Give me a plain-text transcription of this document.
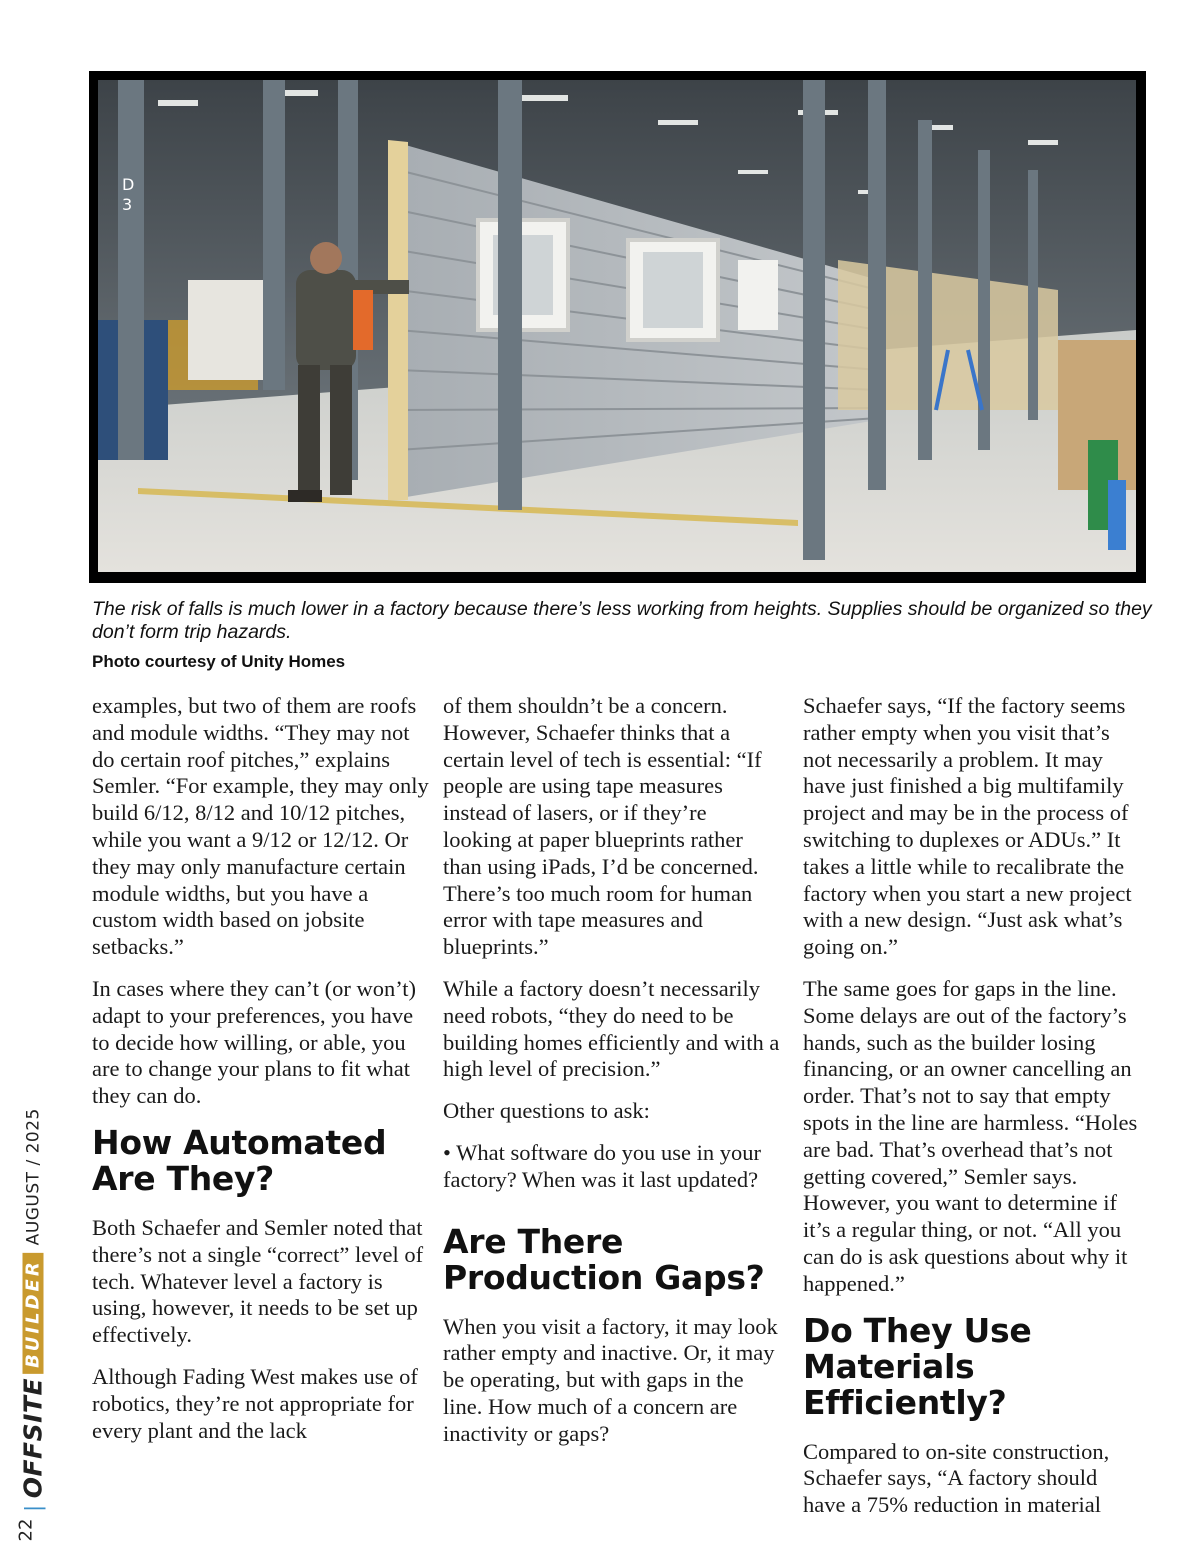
D
3
The risk of falls is much lower in a factory because there’s less working from heights. Supplies should be organized so they don’t form trip hazards.
Photo courtesy of Unity Homes

examples, but two of them are roofs and module widths. “They may not do certain roof pitches,” explains Semler. “For example, they may only build 6/12, 8/12 and 10/12 pitches, while you want a 9/12 or 12/12. Or they may only manufacture certain module widths, but you have a custom width based on jobsite setbacks.”

In cases where they can’t (or won’t) adapt to your preferences, you have to decide how willing, or able, you are to change your plans to fit what they can do.

How Automated Are They?

Both Schaefer and Semler noted that there’s not a single “correct” level of tech. Whatever level a factory is using, however, it needs to be set up effectively.

Although Fading West makes use of robotics, they’re not appropriate for every plant and the lack

of them shouldn’t be a concern. However, Schaefer thinks that a certain level of tech is essential: “If people are using tape measures instead of lasers, or if they’re looking at paper blueprints rather than using iPads, I’d be concerned. There’s too much room for human error with tape measures and blueprints.”

While a factory doesn’t necessarily need robots, “they do need to be building homes efficiently and with a high level of precision.”

Other questions to ask:

• What software do you use in your factory? When was it last updated?

Are There Production Gaps?

When you visit a factory, it may look rather empty and inactive. Or, it may be operating, but with gaps in the line. How much of a concern are inactivity or gaps?

Schaefer says, “If the factory seems rather empty when you visit that’s not necessarily a problem. It may have just finished a big multifamily project and may be in the process of switching to duplexes or ADUs.” It takes a little while to recalibrate the factory when you start a new project with a new design. “Just ask what’s going on.”

The same goes for gaps in the line. Some delays are out of the factory’s hands, such as the builder losing financing, or an owner cancelling an order. That’s not to say that empty spots in the line are harmless. “Holes are bad. That’s overhead that’s not getting covered,” Semler says. However, you want to determine if it’s a regular thing, or not. “All you can do is ask questions about why it happened.”

Do They Use Materials Efficiently?

Compared to on-site construction, Schaefer says, “A factory should have a 75% reduction in material

|
OFFSITE
BUILDER
AUGUST / 2025
22
